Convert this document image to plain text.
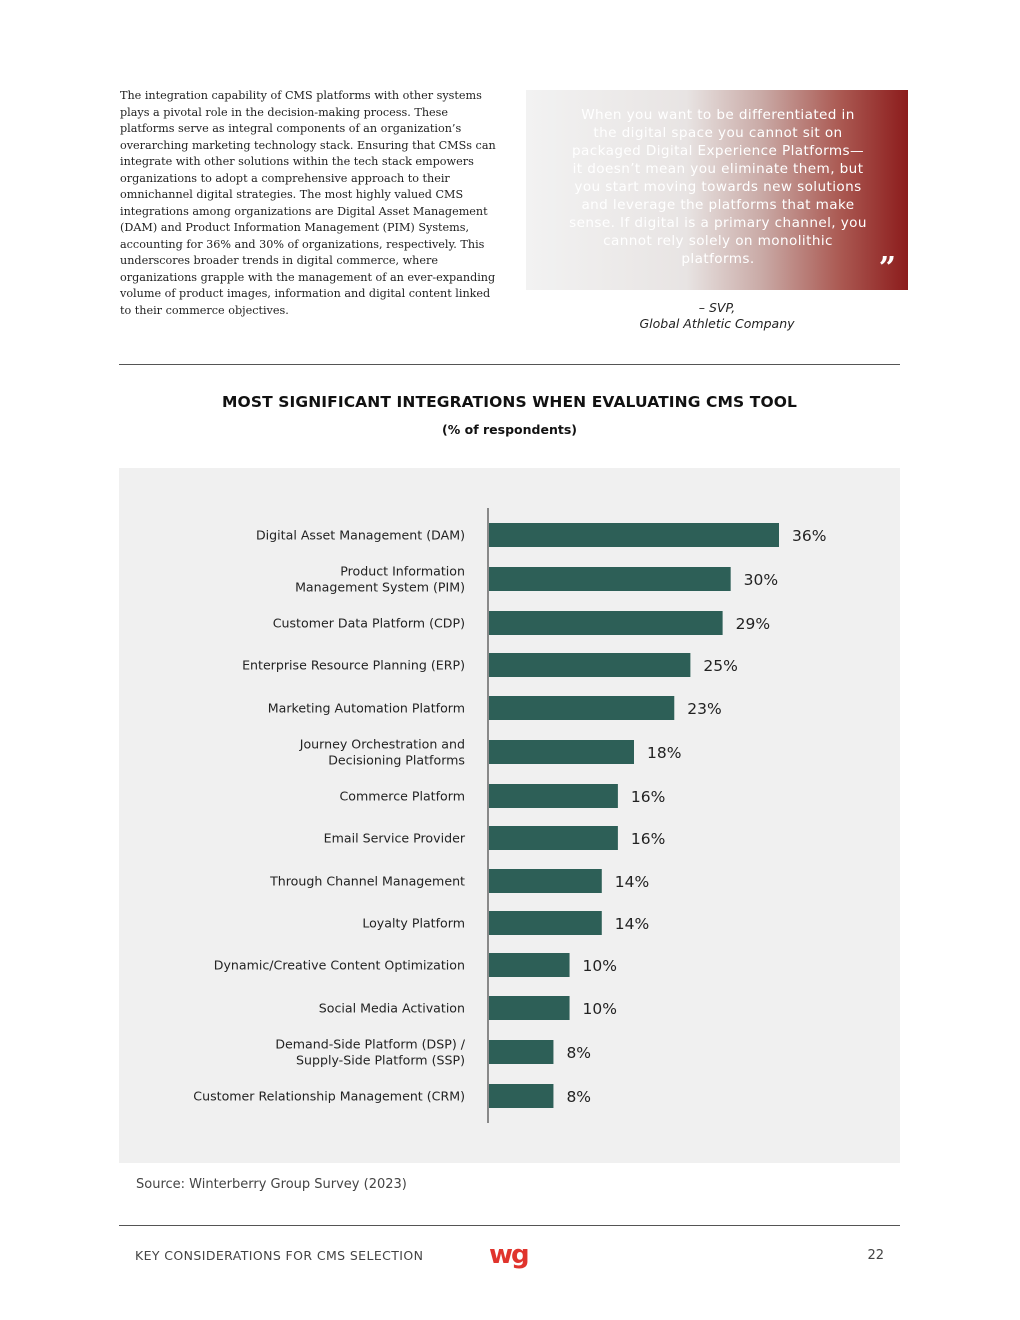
The integration capability of CMS platforms with other systems plays a pivotal role in the decision-making process. These platforms serve as integral components of an organization’s overarching marketing technology stack. Ensuring that CMSs can integrate with other solutions within the tech stack empowers organizations to adopt a comprehensive approach to their omnichannel digital strategies. The most highly valued CMS integrations among organizations are Digital Asset Management (DAM) and Product Information Management (PIM) Systems, accounting for 36% and 30% of organizations, respectively. This underscores broader trends in digital commerce, where organizations grapple with the management of an ever-expanding volume of product images, information and digital content linked to their commerce objectives.

When you want to be differentiated in the digital space you cannot sit on packaged Digital Experience Platforms— it doesn’t mean you eliminate them, but you start moving towards new solutions and leverage the platforms that make sense. If digital is a primary channel, you cannot rely solely on monolithic platforms.	”
– SVP,
Global Athletic Company
MOST SIGNIFICANT INTEGRATIONS WHEN EVALUATING CMS TOOL
(% of respondents)
36%
Digital Asset Management (DAM)
30%
Product Information
Management System (PIM)
29%
Customer Data Platform (CDP)
25%
Enterprise Resource Planning (ERP)
23%
Marketing Automation Platform
18%
Journey Orchestration and
Decisioning Platforms
16%
Commerce Platform
16%
Email Service Provider
14%
Through Channel Management
14%
Loyalty Platform
10%
Dynamic/Creative Content Optimization
10%
Social Media Activation
8%
Demand-Side Platform (DSP) /
Supply-Side Platform (SSP)
8%
Customer Relationship Management (CRM)
Source: Winterberry Group Survey (2023)
KEY CONSIDERATIONS FOR CMS SELECTION	wg	22
